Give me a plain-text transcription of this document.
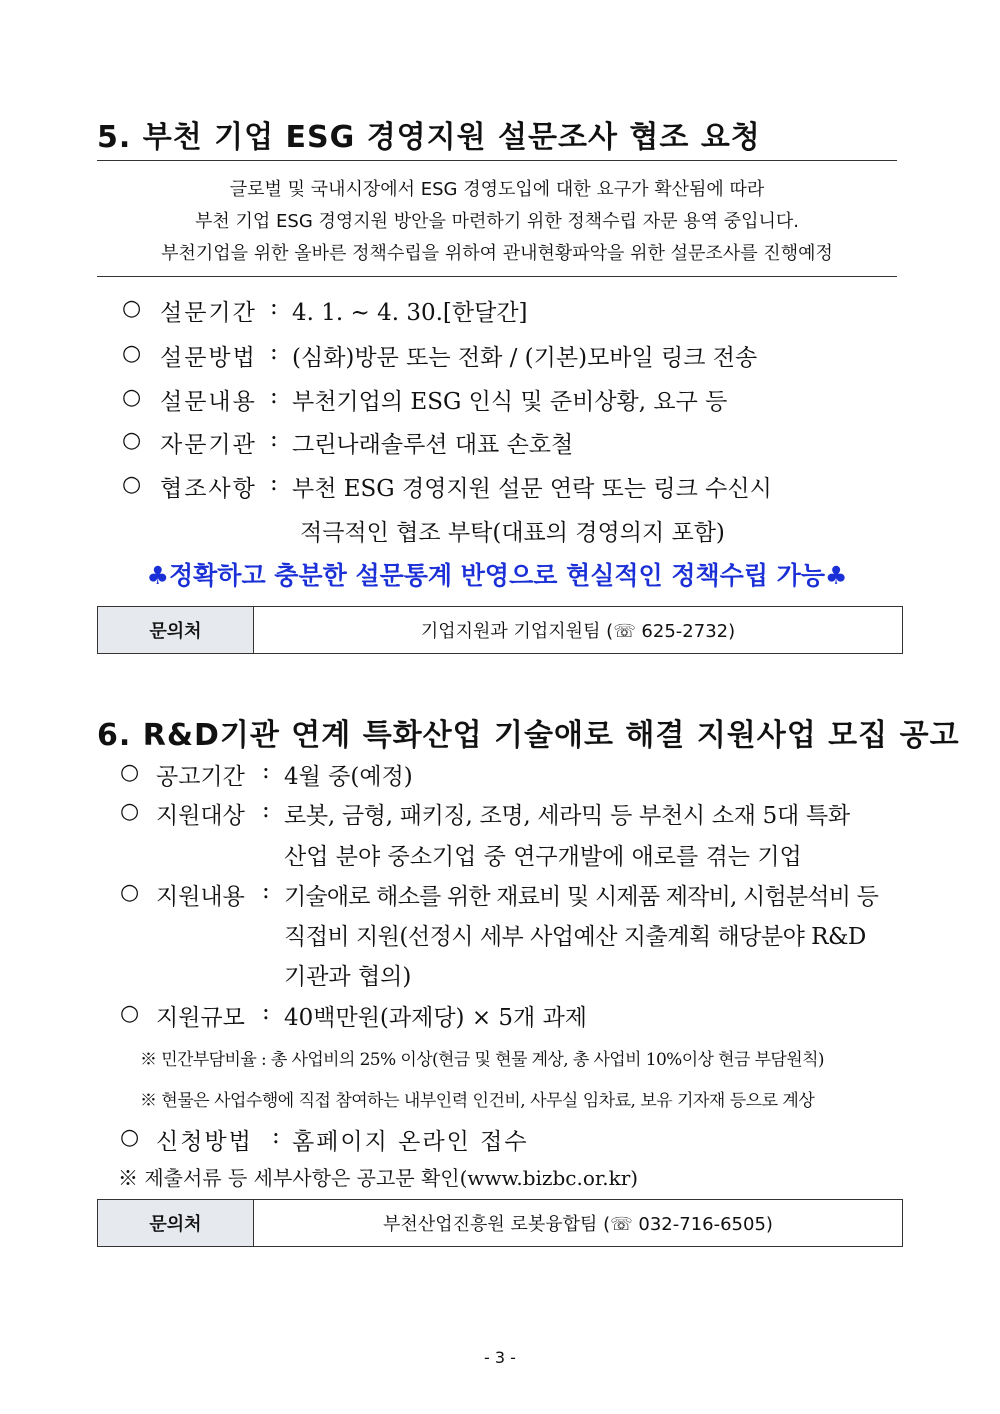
5. 부천 기업 ESG 경영지원 설문조사 협조 요청
글로벌 및 국내시장에서 ESG 경영도입에 대한 요구가 확산됨에 따라
부천 기업 ESG 경영지원 방안을 마련하기 위한 정책수립 자문 용역 중입니다.
부천기업을 위한 올바른 정책수립을 위하여 관내현황파악을 위한 설문조사를 진행예정
○ 설문기간 : 4. 1. ~ 4. 30.[한달간]
○ 설문방법 : (심화)방문 또는 전화 / (기본)모바일 링크 전송
○ 설문내용 : 부천기업의 ESG 인식 및 준비상황, 요구 등
○ 자문기관 : 그린나래솔루션 대표 손호철
○ 협조사항 : 부천 ESG 경영지원 설문 연락 또는 링크 수신시
적극적인 협조 부탁(대표의 경영의지 포함)
♣정확하고 충분한 설문통계 반영으로 현실적인 정책수립 가능♣
문의처	기업지원과 기업지원팀 (☏ 625-2732)
6. R&D기관 연계 특화산업 기술애로 해결 지원사업 모집 공고
○ 공고기간 : 4월 중(예정)
○ 지원대상 : 로봇, 금형, 패키징, 조명, 세라믹 등 부천시 소재 5대 특화
산업 분야 중소기업 중 연구개발에 애로를 겪는 기업
○ 지원내용 : 기술애로 해소를 위한 재료비 및 시제품 제작비, 시험분석비 등
직접비 지원(선정시 세부 사업예산 지출계획 해당분야 R&D
기관과 협의)
○ 지원규모 : 40백만원(과제당) × 5개 과제
※ 민간부담비율 : 총 사업비의 25% 이상(현금 및 현물 계상, 총 사업비 10%이상 현금 부담원칙)
※ 현물은 사업수행에 직접 참여하는 내부인력 인건비, 사무실 임차료, 보유 기자재 등으로 계상
○ 신청방법 : 홈페이지 온라인 접수
※ 제출서류 등 세부사항은 공고문 확인(www.bizbc.or.kr)
문의처	부천산업진흥원 로봇융합팀 (☏ 032-716-6505)
- 3 -
